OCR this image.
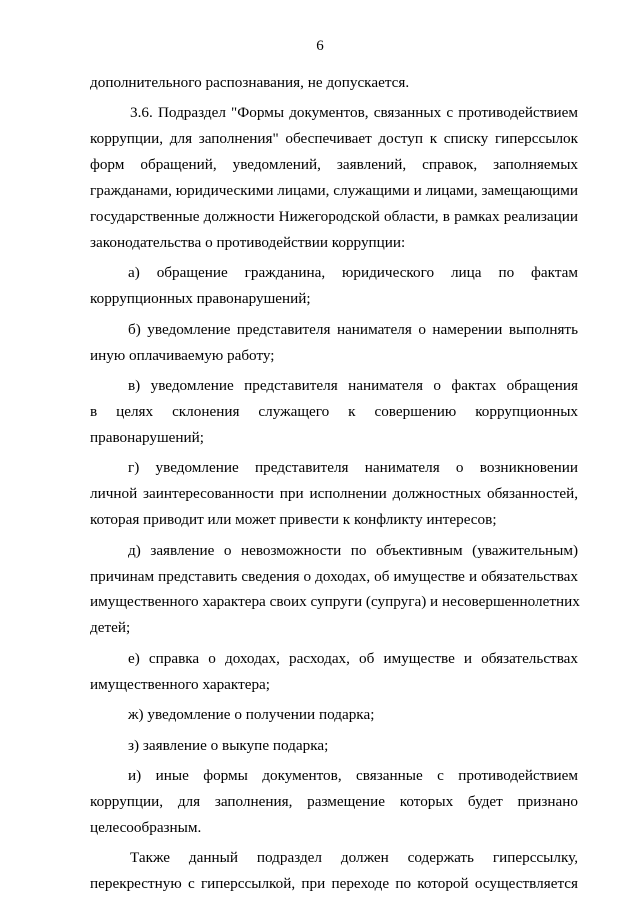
6
дополнительного распознавания, не допускается.
3.6. Подраздел "Формы документов, связанных с противодействием
коррупции, для заполнения" обеспечивает доступ к списку гиперссылок
форм обращений, уведомлений, заявлений, справок, заполняемых
гражданами, юридическими лицами, служащими и лицами, замещающими
государственные должности Нижегородской области, в рамках реализации
законодательства о противодействии коррупции:
а) обращение гражданина, юридического лица по фактам
коррупционных правонарушений;
б) уведомление представителя нанимателя о намерении выполнять
иную оплачиваемую работу;
в) уведомление представителя нанимателя о фактах обращения
в целях склонения служащего к совершению коррупционных
правонарушений;
г) уведомление представителя нанимателя о возникновении
личной заинтересованности при исполнении должностных обязанностей,
которая приводит или может привести к конфликту интересов;
д) заявление о невозможности по объективным (уважительным)
причинам представить сведения о доходах, об имуществе и обязательствах
имущественного характера своих супруги (супруга) и несовершеннолетних
детей;
е) справка о доходах, расходах, об имуществе и обязательствах
имущественного характера;
ж) уведомление о получении подарка;
з) заявление о выкупе подарка;
и) иные формы документов, связанные с противодействием
коррупции, для заполнения, размещение которых будет признано
целесообразным.
Также данный подраздел должен содержать гиперссылку,
перекрестную с гиперссылкой, при переходе по которой осуществляется
